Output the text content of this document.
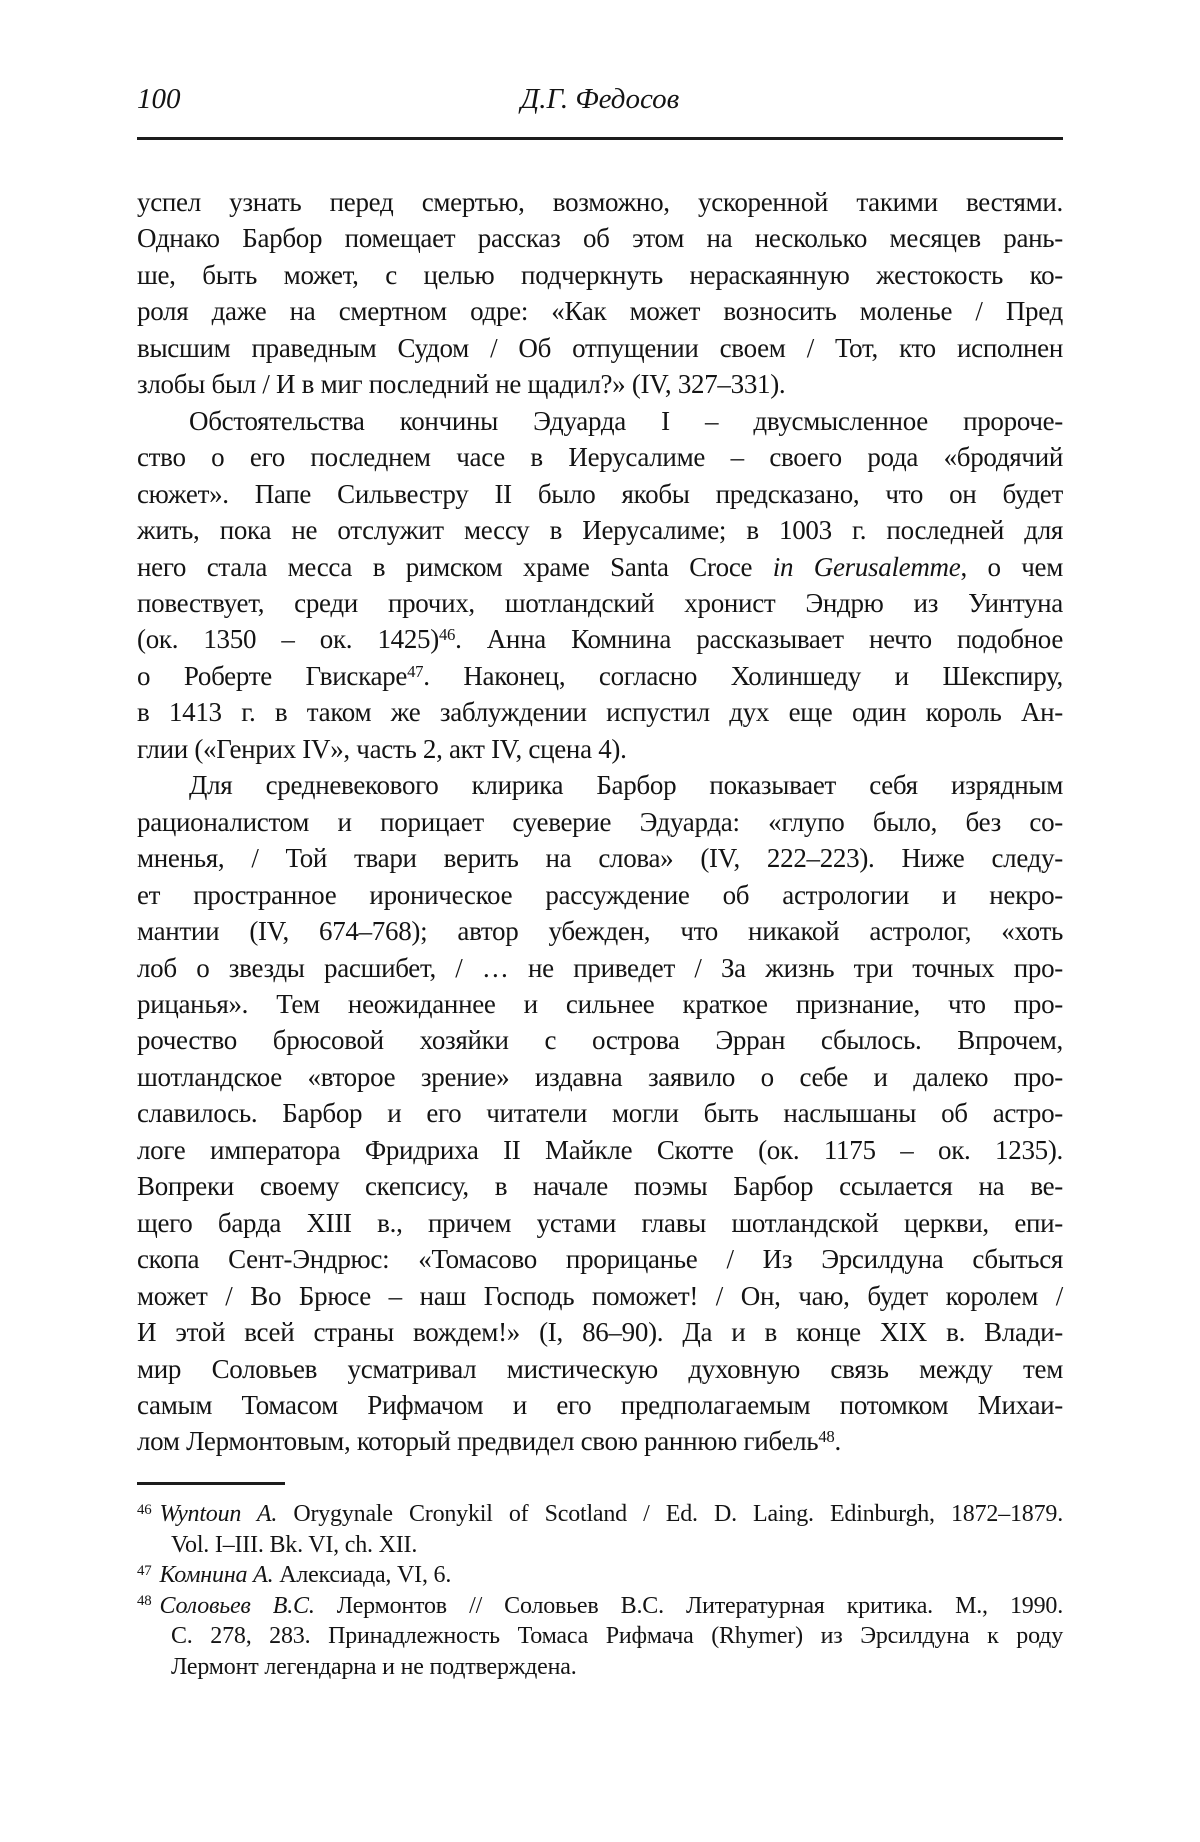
100	Д.Г. Федосов
успел узнать перед смертью, возможно, ускоренной такими вестями.
Однако Барбор помещает рассказ об этом на несколько месяцев рань-
ше, быть может, с целью подчеркнуть нераскаянную жестокость ко-
роля даже на смертном одре: «Как может возносить моленье / Пред
высшим праведным Судом / Об отпущении своем / Тот, кто исполнен
злобы был / И в миг последний не щадил?» (IV, 327–331).
Обстоятельства кончины Эдуарда I – двусмысленное пророче-
ство о его последнем часе в Иерусалиме – своего рода «бродячий
сюжет». Папе Сильвестру II было якобы предсказано, что он будет
жить, пока не отслужит мессу в Иерусалиме; в 1003 г. последней для
него стала месса в римском храме Santa Croce in Gerusalemme, о чем
повествует, среди прочих, шотландский хронист Эндрю из Уинтуна
(ок. 1350 – ок. 1425)$^{46}$. Анна Комнина рассказывает нечто подобное
о Роберте Гвискаре$^{47}$. Наконец, согласно Холиншеду и Шекспиру,
в 1413 г. в таком же заблуждении испустил дух еще один король Ан-
глии («Генрих IV», часть 2, акт IV, сцена 4).
Для средневекового клирика Барбор показывает себя изрядным
рационалистом и порицает суеверие Эдуарда: «глупо было, без со-
мненья, / Той твари верить на слова» (IV, 222–223). Ниже следу-
ет пространное ироническое рассуждение об астрологии и некро-
мантии (IV, 674–768); автор убежден, что никакой астролог, «хоть
лоб о звезды расшибет, / … не приведет / За жизнь три точных про-
рицанья». Тем неожиданнее и сильнее краткое признание, что про-
рочество брюсовой хозяйки с острова Эрран сбылось. Впрочем,
шотландское «второе зрение» издавна заявило о себе и далеко про-
славилось. Барбор и его читатели могли быть наслышаны об астро-
логе императора Фридриха II Майкле Скотте (ок. 1175 – ок. 1235).
Вопреки своему скепсису, в начале поэмы Барбор ссылается на ве-
щего барда XIII в., причем устами главы шотландской церкви, епи-
скопа Сент-Эндрюс: «Томасово прорицанье / Из Эрсилдуна сбыться
может / Во Брюсе – наш Господь поможет! / Он, чаю, будет королем /
И этой всей страны вождем!» (I, 86–90). Да и в конце XIX в. Влади-
мир Соловьев усматривал мистическую духовную связь между тем
самым Томасом Рифмачом и его предполагаемым потомком Михаи-
лом Лермонтовым, который предвидел свою раннюю гибель$^{48}$.
$^{46}$ Wyntoun A. Orygynale Cronykil of Scotland / Ed. D. Laing. Edinburgh, 1872–1879.
Vol. I–III. Bk. VI, ch. XII.
$^{47}$ Комнина А. Алексиада, VI, 6.
$^{48}$ Соловьев В.С. Лермонтов // Соловьев В.С. Литературная критика. М., 1990.
С. 278, 283. Принадлежность Томаса Рифмача (Rhymer) из Эрсилдуна к роду
Лермонт легендарна и не подтверждена.
